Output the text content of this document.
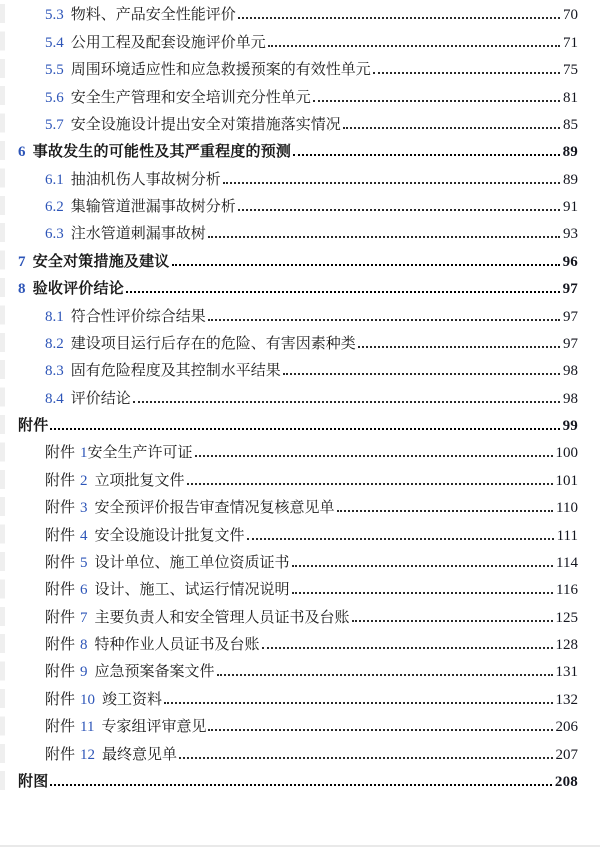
5.3 物料、产品安全性能评价	70
5.4 公用工程及配套设施评价单元	71
5.5 周围环境适应性和应急救援预案的有效性单元	75
5.6 安全生产管理和安全培训充分性单元	81
5.7 安全设施设计提出安全对策措施落实情况	85
6 事故发生的可能性及其严重程度的预测	89
6.1 抽油机伤人事故树分析	89
6.2 集输管道泄漏事故树分析	91
6.3 注水管道刺漏事故树	93
7 安全对策措施及建议	96
8 验收评价结论	97
8.1 符合性评价综合结果	97
8.2 建设项目运行后存在的危险、有害因素种类	97
8.3 固有危险程度及其控制水平结果	98
8.4 评价结论	98
附件	99
附件 1 安全生产许可证	100
附件 2 立项批复文件	101
附件 3 安全预评价报告审查情况复核意见单	110
附件 4 安全设施设计批复文件	111
附件 5 设计单位、施工单位资质证书	114
附件 6 设计、施工、试运行情况说明	116
附件 7 主要负责人和安全管理人员证书及台账	125
附件 8 特种作业人员证书及台账	128
附件 9 应急预案备案文件	131
附件 10 竣工资料	132
附件 11 专家组评审意见	206
附件 12 最终意见单	207
附图	208
